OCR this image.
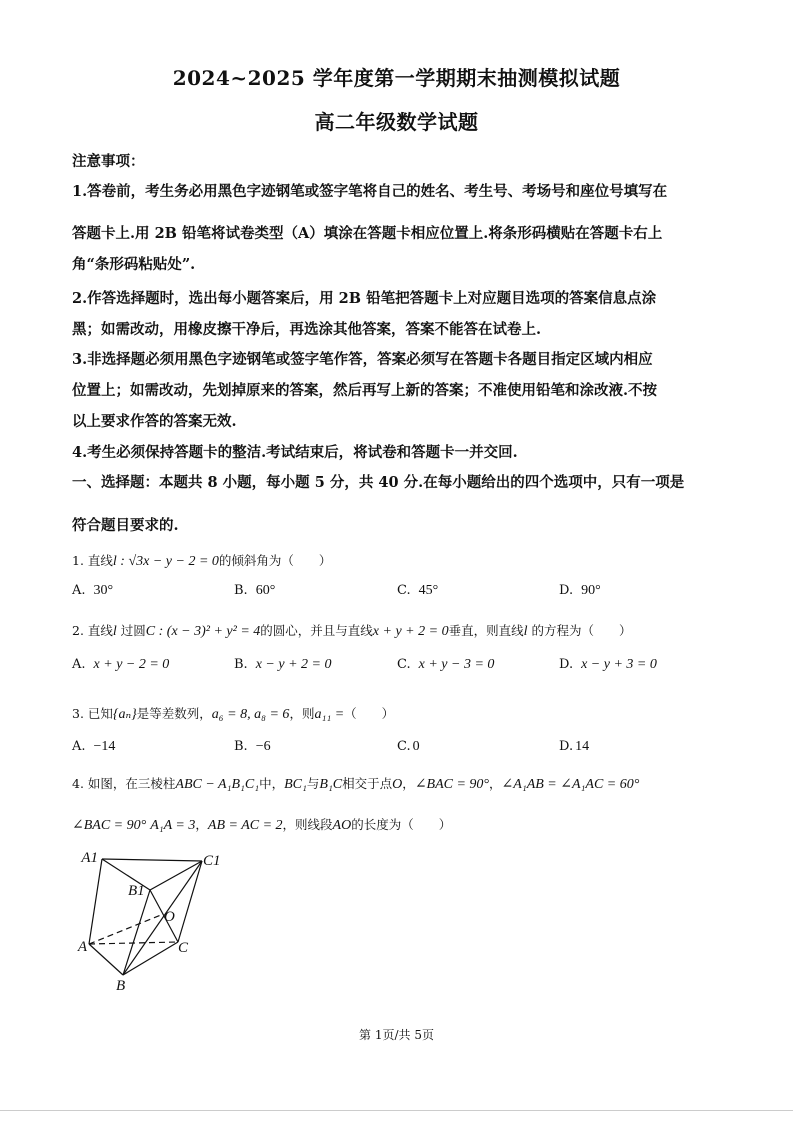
2024~2025 学年度第一学期期末抽测模拟试题
高二年级数学试题
注意事项：
1.答卷前，考生务必用黑色字迹钢笔或签字笔将自己的姓名、考生号、考场号和座位号填写在
答题卡上.用 2B 铅笔将试卷类型（A）填涂在答题卡相应位置上.将条形码横贴在答题卡右上
角“条形码粘贴处”.
2.作答选择题时，选出每小题答案后，用 2B 铅笔把答题卡上对应题目选项的答案信息点涂
黑；如需改动，用橡皮擦干净后，再选涂其他答案，答案不能答在试卷上.
3.非选择题必须用黑色字迹钢笔或签字笔作答，答案必须写在答题卡各题目指定区域内相应
位置上；如需改动，先划掉原来的答案，然后再写上新的答案；不准使用铅笔和涂改液.不按
以上要求作答的答案无效.
4.考生必须保持答题卡的整洁.考试结束后，将试卷和答题卡一并交回.
一、选择题：本题共 8 小题，每小题 5 分，共 40 分.在每小题给出的四个选项中，只有一项是
符合题目要求的.
1. 直线l : √3x − y − 2 = 0的倾斜角为（　　）
A. 30°	B. 60°	C. 45°	D. 90°
2. 直线l 过圆C : (x − 3)² + y² = 4的圆心，并且与直线x + y + 2 = 0垂直，则直线l 的方程为（　　）
A. x + y − 2 = 0	B. x − y + 2 = 0	C. x + y − 3 = 0	D. x − y + 3 = 0
3. 已知{aₙ}是等差数列，a₆ = 8, a₈ = 6，则a₁₁ =（　　）
A. −14	B. −6	C. 0	D. 14
4. 如图，在三棱柱ABC − A₁B₁C₁中，BC₁与B₁C相交于点O，∠BAC = 90°，∠A₁AB = ∠A₁AC = 60°
∠BAC = 90° A₁A = 3，AB = AC = 2，则线段AO的长度为（　　）
A1	C1
B1
O
A	C
B
第 1页/共 5页
